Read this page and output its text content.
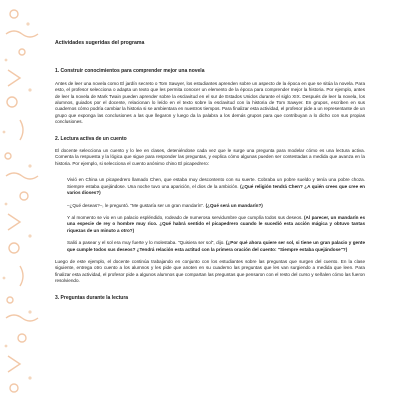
Actividades sugeridas del programa
1. Construir conocimientos para comprender mejor una novela

Antes de leer una novela como El jardín secreto o Tom Sawyer, los estudiantes aprenden sobre un aspecto de la época en que se sitúa la novela. Para esto, el profesor selecciona o adapta un texto que les permita conocer un elemento de la época para comprender mejor la historia. Por ejemplo, antes de leer la novela de Mark Twain pueden aprender sobre la esclavitud en el sur de Estados Unidos durante el siglo XIX. Después de leer la novela, los alumnos, guiados por el docente, relacionan lo leído en el texto sobre la esclavitud con la historia de Tom Sawyer. En grupos, escriben en sus cuadernos cómo podría cambiar la historia si se ambientara en nuestros tiempos. Para finalizar esta actividad, el profesor pide a un representante de un grupo que exponga las conclusiones a las que llegaron y luego da la palabra a los demás grupos para que contribuyan a lo dicho con sus propias conclusiones.

2. Lectura activa de un cuento

El docente selecciona un cuento y lo lee en clases, deteniéndose cada vez que le surge una pregunta para modelar cómo es una lectura activa. Comenta la respuesta y la lógica que sigue para responder las preguntas, y explica cómo algunas pueden ser contestadas a medida que avanza en la historia. Por ejemplo, si selecciona el cuento anónimo chino El picapedrero:

Vivió en China un picapedrero llamado Chen, que estaba muy descontento con su suerte. Cobraba un pobre sueldo y tenía una pobre choza. Siempre estaba quejándose. Una noche tuvo una aparición, el dios de la ambición. (¿Qué religión tendrá Chen? ¿A quién crees que cree en varios dioses?)

–¿Qué deseas?–, le preguntó. "Me gustaría ser un gran mandarín". (¿Qué será un mandarín?)

Y al momento se vio en un palacio espléndido, rodeado de numerosa servidumbre que cumplía todos sus deseos. (Al parecer, un mandarín es una especie de rey o hombre muy rico. ¿Qué habrá sentido el picapedrero cuando le sucedió esta acción mágica y obtuvo tantas riquezas de un minuto a otro?)

Salió a pasear y el sol era muy fuerte y lo molestaba. "Quisiera ser sol", dijo. (¿Por qué ahora quiere ser sol, si tiene un gran palacio y gente que cumple todos sus deseos? ¿Tendrá relación esta actitud con la primera oración del cuento: "Siempre estaba quejándose"?)

Luego de este ejemplo, el docente continúa trabajando en conjunto con los estudiantes sobre las preguntas que surgen del cuento. En la clase siguiente, entrega otro cuento a los alumnos y les pide que anoten en su cuaderno las preguntas que les van surgiendo a medida que leen. Para finalizar esta actividad, el profesor pide a algunos alumnos que compartan las preguntas que pensaron con el resto del curso y señalen cómo las fueron resolviendo.

3. Preguntas durante la lectura
